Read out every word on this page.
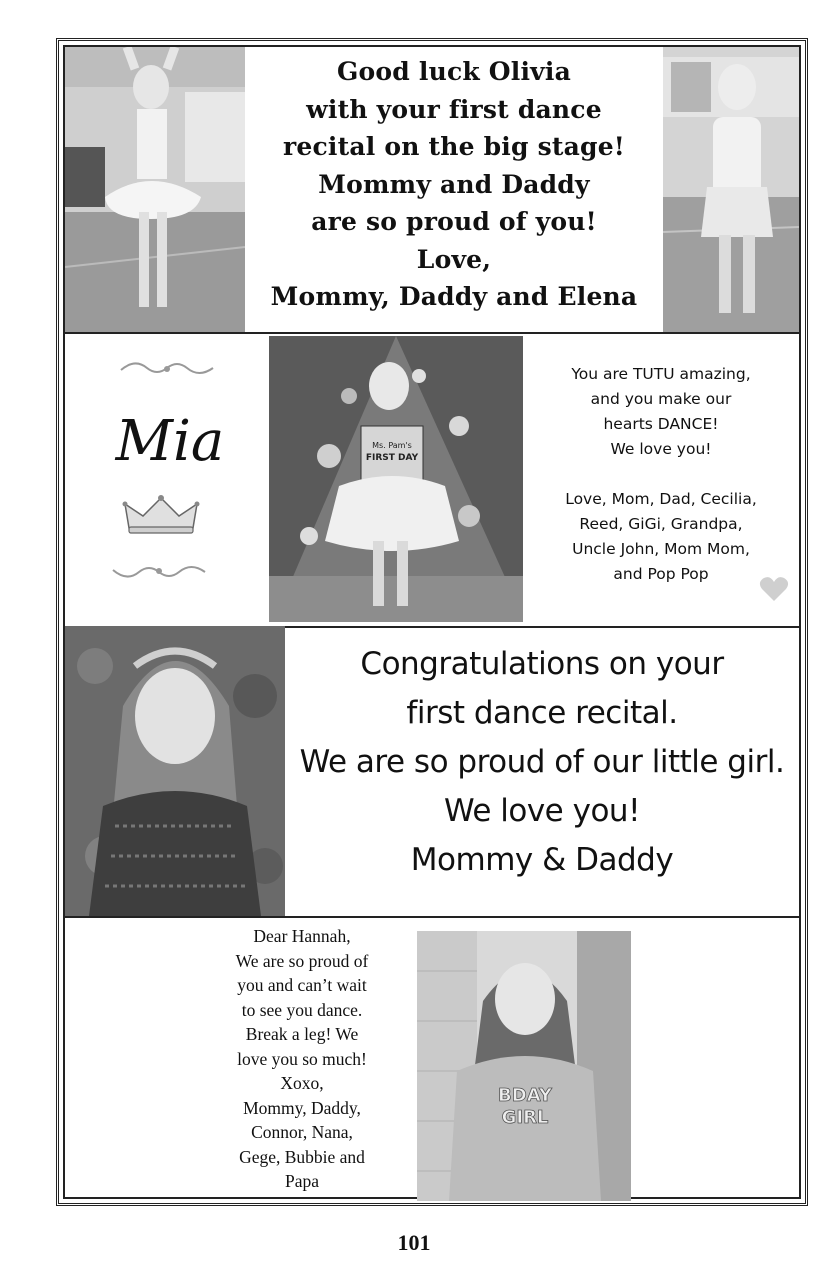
Good luck Olivia
with your first dance
recital on the big stage!
Mommy and Daddy
are so proud of you!
Love,
Mommy, Daddy and Elena
Mia	Ms. Pam's
FIRST DAY
You are TUTU amazing,
and you make our
hearts DANCE!
We love you!
Love, Mom, Dad, Cecilia,
Reed, GiGi, Grandpa,
Uncle John, Mom Mom,
and Pop Pop
Congratulations on your
first dance recital.
We are so proud of our little girl.
We love you!
Mommy & Daddy
Dear Hannah,
We are so proud of
you and can’t wait
to see you dance.
Break a leg! We
love you so much!
Xoxo,
Mommy, Daddy,
Connor, Nana,
Gege, Bubbie and
Papa
BDAY
GIRL
101
